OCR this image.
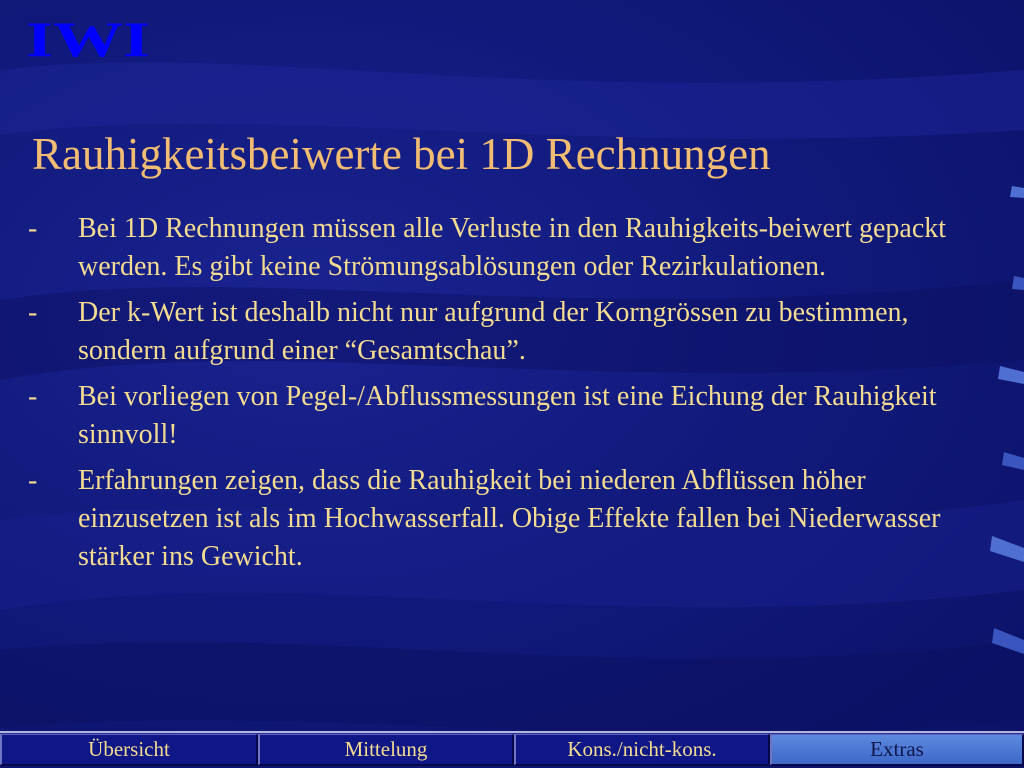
IWI
Rauhigkeitsbeiwerte bei 1D Rechnungen
- Bei 1D Rechnungen müssen alle Verluste in den Rauhigkeits-beiwert gepackt werden. Es gibt keine Strömungsablösungen oder Rezirkulationen.
- Der k-Wert ist deshalb nicht nur aufgrund der Korngrössen zu bestimmen, sondern aufgrund einer “Gesamtschau”.
- Bei vorliegen von Pegel-/Abflussmessungen ist eine Eichung der Rauhigkeit sinnvoll!
- Erfahrungen zeigen, dass die Rauhigkeit bei niederen Abflüssen höher einzusetzen ist als im Hochwasserfall. Obige Effekte fallen bei Niederwasser stärker ins Gewicht.
Übersicht	Mittelung	Kons./nicht-kons.	Extras
